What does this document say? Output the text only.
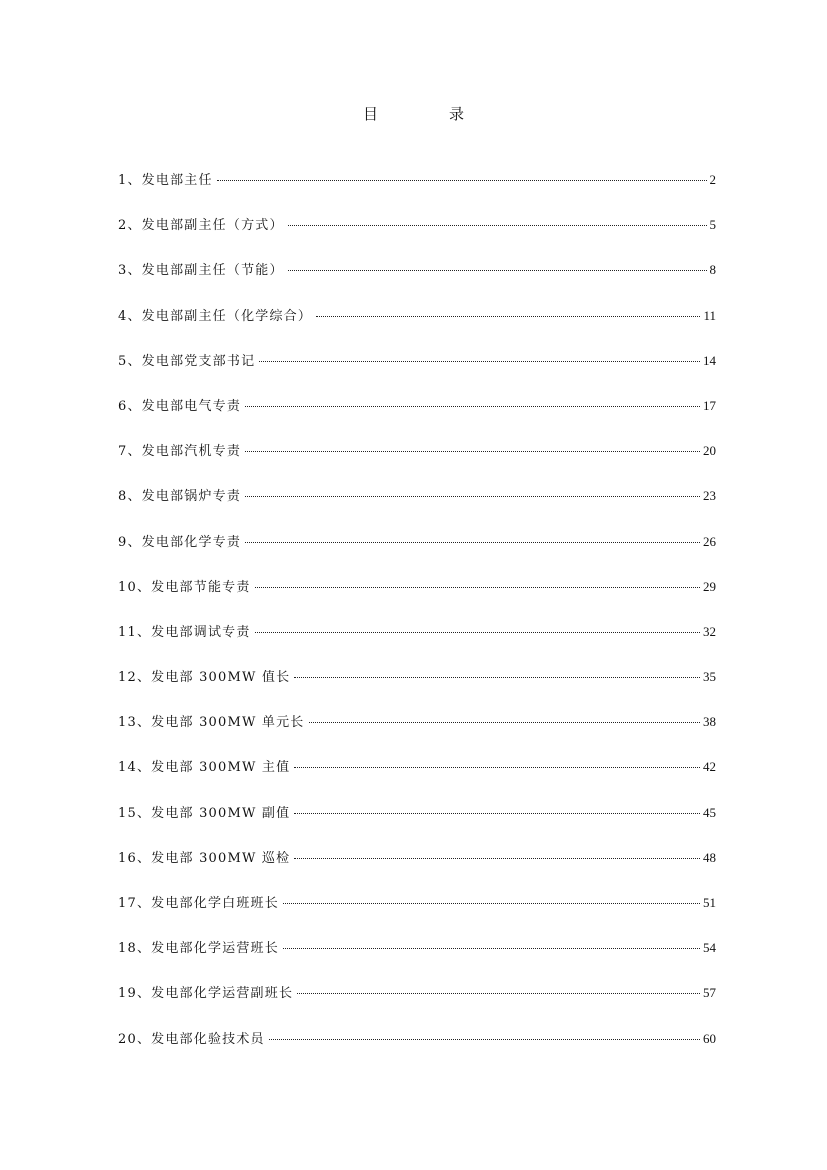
目　录
1、发电部主任	2
2、发电部副主任（方式）	5
3、发电部副主任（节能）	8
4、发电部副主任（化学综合）	11
5、发电部党支部书记	14
6、发电部电气专责	17
7、发电部汽机专责	20
8、发电部锅炉专责	23
9、发电部化学专责	26
10、发电部节能专责	29
11、发电部调试专责	32
12、发电部 300MW 值长	35
13、发电部 300MW 单元长	38
14、发电部 300MW 主值	42
15、发电部 300MW 副值	45
16、发电部 300MW 巡检	48
17、发电部化学白班班长	51
18、发电部化学运营班长	54
19、发电部化学运营副班长	57
20、发电部化验技术员	60
